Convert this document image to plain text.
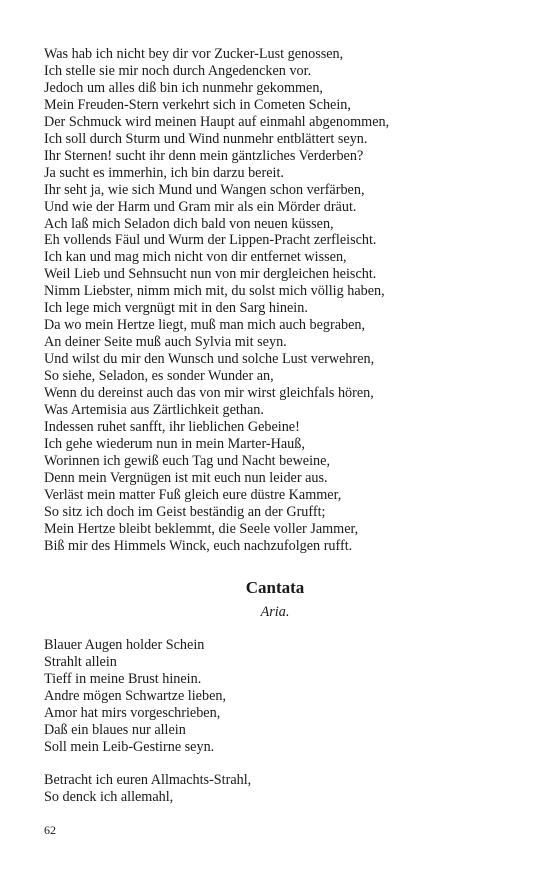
Was hab ich nicht bey dir vor Zucker-Lust genossen,
Ich stelle sie mir noch durch Angedencken vor.
Jedoch um alles diß bin ich nunmehr gekommen,
Mein Freuden-Stern verkehrt sich in Cometen Schein,
Der Schmuck wird meinen Haupt auf einmahl abgenommen,
Ich soll durch Sturm und Wind nunmehr entblättert seyn.
Ihr Sternen! sucht ihr denn mein gäntzliches Verderben?
Ja sucht es immerhin, ich bin darzu bereit.
Ihr seht ja, wie sich Mund und Wangen schon verfärben,
Und wie der Harm und Gram mir als ein Mörder dräut.
Ach laß mich Seladon dich bald von neuen küssen,
Eh vollends Fäul und Wurm der Lippen-Pracht zerfleischt.
Ich kan und mag mich nicht von dir entfernet wissen,
Weil Lieb und Sehnsucht nun von mir dergleichen heischt.
Nimm Liebster, nimm mich mit, du solst mich völlig haben,
Ich lege mich vergnügt mit in den Sarg hinein.
Da wo mein Hertze liegt, muß man mich auch begraben,
An deiner Seite muß auch Sylvia mit seyn.
Und wilst du mir den Wunsch und solche Lust verwehren,
So siehe, Seladon, es sonder Wunder an,
Wenn du dereinst auch das von mir wirst gleichfals hören,
Was Artemisia aus Zärtlichkeit gethan.
Indessen ruhet sanfft, ihr lieblichen Gebeine!
Ich gehe wiederum nun in mein Marter-Hauß,
Worinnen ich gewiß euch Tag und Nacht beweine,
Denn mein Vergnügen ist mit euch nun leider aus.
Verläst mein matter Fuß gleich eure düstre Kammer,
So sitz ich doch im Geist beständig an der Grufft;
Mein Hertze bleibt beklemmt, die Seele voller Jammer,
Biß mir des Himmels Winck, euch nachzufolgen rufft.
Cantata
Aria.
Blauer Augen holder Schein
Strahlt allein
Tieff in meine Brust hinein.
Andre mögen Schwartze lieben,
Amor hat mirs vorgeschrieben,
Daß ein blaues nur allein
Soll mein Leib-Gestirne seyn.
Betracht ich euren Allmachts-Strahl,
So denck ich allemahl,
62
